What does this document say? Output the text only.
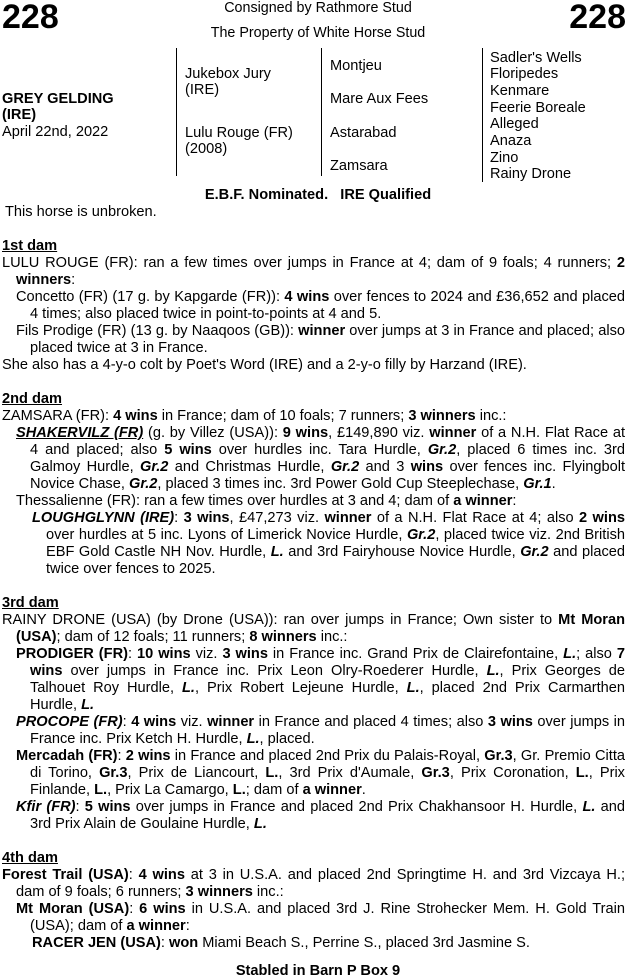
228	228
Consigned by Rathmore Stud
The Property of White Horse Stud
GREY GELDING
(IRE)
April 22nd, 2022
Jukebox Jury
(IRE)
Lulu Rouge (FR)
(2008)
Montjeu
Mare Aux Fees
Astarabad
Zamsara
Sadler's Wells
Floripedes
Kenmare
Feerie Boreale
Alleged
Anaza
Zino
Rainy Drone
E.B.F. Nominated.   IRE Qualified
This horse is unbroken.
1st dam

LULU ROUGE (FR): ran a few times over jumps in France at 4; dam of 9 foals; 4 runners; 2 winners:

Concetto (FR) (17 g. by Kapgarde (FR)): 4 wins over fences to 2024 and £36,652 and placed 4 times; also placed twice in point-to-points at 4 and 5.

Fils Prodige (FR) (13 g. by Naaqoos (GB)): winner over jumps at 3 in France and placed; also placed twice at 3 in France.

She also has a 4-y-o colt by Poet's Word (IRE) and a 2-y-o filly by Harzand (IRE).

2nd dam

ZAMSARA (FR): 4 wins in France; dam of 10 foals; 7 runners; 3 winners inc.:

SHAKERVILZ (FR) (g. by Villez (USA)): 9 wins, £149,890 viz. winner of a N.H. Flat Race at 4 and placed; also 5 wins over hurdles inc. Tara Hurdle, Gr.2, placed 6 times inc. 3rd Galmoy Hurdle, Gr.2 and Christmas Hurdle, Gr.2 and 3 wins over fences inc. Flyingbolt Novice Chase, Gr.2, placed 3 times inc. 3rd Power Gold Cup Steeplechase, Gr.1.

Thessalienne (FR): ran a few times over hurdles at 3 and 4; dam of a winner:

LOUGHGLYNN (IRE): 3 wins, £47,273 viz. winner of a N.H. Flat Race at 4; also 2 wins over hurdles at 5 inc. Lyons of Limerick Novice Hurdle, Gr.2, placed twice viz. 2nd British EBF Gold Castle NH Nov. Hurdle, L. and 3rd Fairyhouse Novice Hurdle, Gr.2 and placed twice over fences to 2025.

3rd dam

RAINY DRONE (USA) (by Drone (USA)): ran over jumps in France; Own sister to Mt Moran (USA); dam of 12 foals; 11 runners; 8 winners inc.:

PRODIGER (FR): 10 wins viz. 3 wins in France inc. Grand Prix de Clairefontaine, L.; also 7 wins over jumps in France inc. Prix Leon Olry-Roederer Hurdle, L., Prix Georges de Talhouet Roy Hurdle, L., Prix Robert Lejeune Hurdle, L., placed 2nd Prix Carmarthen Hurdle, L.

PROCOPE (FR): 4 wins viz. winner in France and placed 4 times; also 3 wins over jumps in France inc. Prix Ketch H. Hurdle, L., placed.

Mercadah (FR): 2 wins in France and placed 2nd Prix du Palais-Royal, Gr.3, Gr. Premio Citta di Torino, Gr.3, Prix de Liancourt, L., 3rd Prix d'Aumale, Gr.3, Prix Coronation, L., Prix Finlande, L., Prix La Camargo, L.; dam of a winner.

Kfir (FR): 5 wins over jumps in France and placed 2nd Prix Chakhansoor H. Hurdle, L. and 3rd Prix Alain de Goulaine Hurdle, L.

4th dam

Forest Trail (USA): 4 wins at 3 in U.S.A. and placed 2nd Springtime H. and 3rd Vizcaya H.; dam of 9 foals; 6 runners; 3 winners inc.:

Mt Moran (USA): 6 wins in U.S.A. and placed 3rd J. Rine Strohecker Mem. H. Gold Train (USA); dam of a winner:

RACER JEN (USA): won Miami Beach S., Perrine S., placed 3rd Jasmine S.

Stabled in Barn P Box 9
